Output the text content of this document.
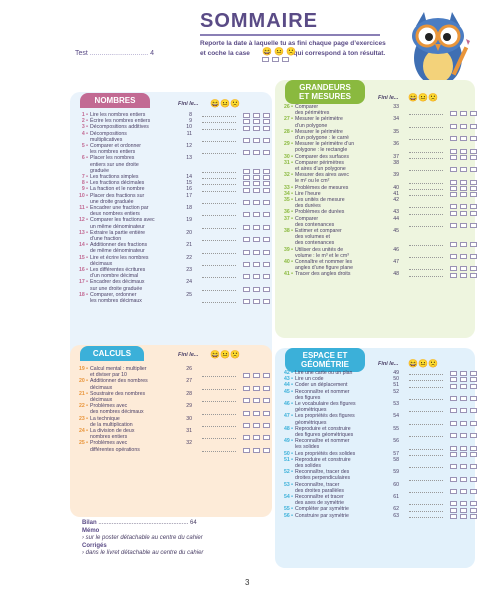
SOMMAIRE
Reporte la date à laquelle tu as fini chaque page d’exercices
et coche la case	qui correspond à ton résultat.
😄 😐 🙁
Test .............................. 4
NOMBRES
CALCULS
GRANDEURS
ET MESURES
ESPACE ET
GÉOMÉTRIE
Fini le... 😄😐🙁
Fini le... 😄😐🙁
Fini le... 😄😐🙁
Fini le... 😄😐🙁
1 • Lire les nombres entiers	8
2 • Écrire les nombres entiers	9
3 • Décompositions additives	10
4 • Décompositions
multiplicatives
11
5 • Comparer et ordonner
les nombres entiers
12
6 • Placer les nombres
entiers sur une droite
graduée
13
7 • Les fractions simples	14
8 • Les fractions décimales	15
9 • La fraction et le nombre	16
10 • Placer des fractions sur
une droite graduée
17
11 • Encadrer une fraction par
deux nombres entiers
18
12 • Comparer les fractions avec
un même dénominateur
19
13 • Extraire la partie entière
d’une fraction
20
14 • Additionner des fractions
de même dénominateur
21
15 • Lire et écrire les nombres
décimaux
22
16 • Les différentes écritures
d’un nombre décimal
23
17 • Encadrer des décimaux
sur une droite graduée
24
18 • Comparer, ordonner
les nombres décimaux
25
19 • Calcul mental : multiplier
et diviser par 10
26
20 • Additionner des nombres
décimaux
27
21 • Soustraire des nombres
décimaux
28
22 • Problèmes avec
des nombres décimaux
29
23 • La technique
de la multiplication
30
24 • La division de deux
nombres entiers
31
25 • Problèmes avec
différentes opérations
32
26 • Comparer
des périmètres
33
27 • Mesurer le périmètre
d’un polygone
34
28 • Mesurer le périmètre
d’un polygone : le carré
35
29 • Mesurer le périmètre d’un
polygone : le rectangle
36
30 • Comparer des surfaces	37
31 • Comparer périmètres
et aires d’un polygone
38
32 • Mesurer des aires avec
le m² ou le cm²
39
33 • Problèmes de mesures	40
34 • Lire l’heure	41
35 • Les unités de mesure
des durées
42
36 • Problèmes de durées	43
37 • Comparer
des contenances
44
38 • Estimer et comparer
des volumes et
des contenances
45
39 • Utiliser des unités de
volume : le m³ et le cm³
46
40 • Connaître et nommer les
angles d’une figure plane
47
41 • Tracer des angles droits	48
42 • Lire une carte ou un plan	49
43 • Lire un code	50
44 • Coder un déplacement	51
45 • Reconnaître et nommer
des figures
52
46 • Le vocabulaire des figures
géométriques
53
47 • Les propriétés des figures
géométriques
54
48 • Reproduire et construire
des figures géométriques
55
49 • Reconnaître et nommer
les solides
56
50 • Les propriétés des solides	57
51 • Reproduire et construire
des solides
58
52 • Reconnaître, tracer des
droites perpendiculaires
59
53 • Reconnaître, tracer
des droites parallèles
60
54 • Reconnaître et tracer
des axes de symétrie
61
55 • Compléter par symétrie	62
56 • Construire par symétrie	63
Bilan ...................................................... 64
Mémo
› sur le poster détachable au centre du cahier
Corrigés
› dans le livret détachable au centre du cahier
3
